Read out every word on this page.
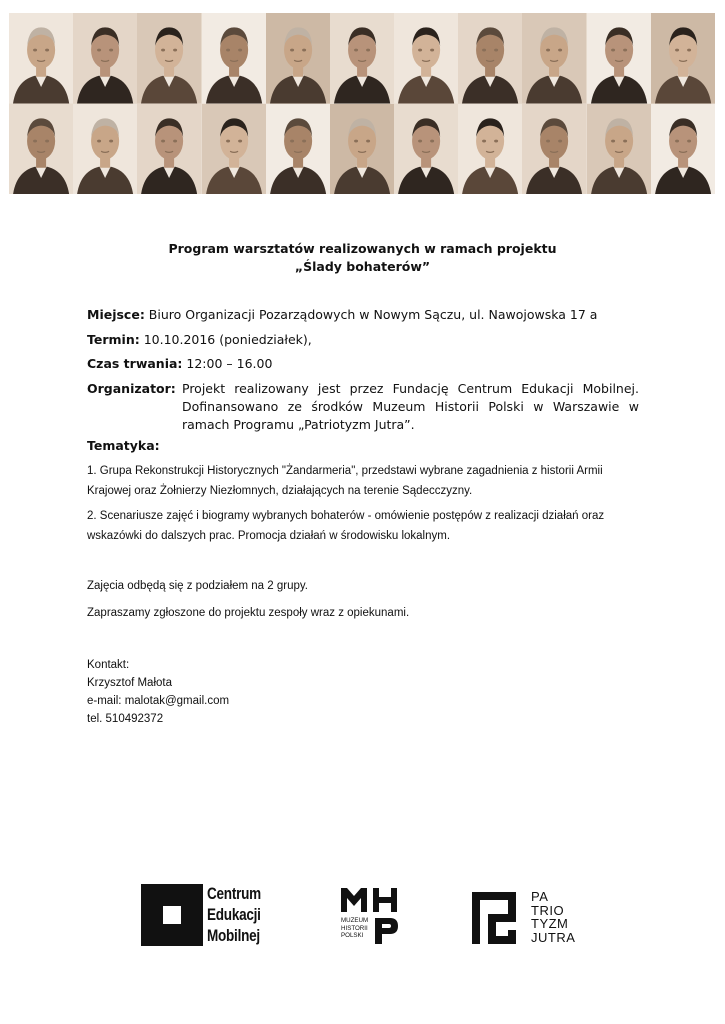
Program warsztatów realizowanych w ramach projektu
„Ślady bohaterów”
Miejsce: Biuro Organizacji Pozarządowych w Nowym Sączu, ul. Nawojowska 17 a
Termin: 10.10.2016 (poniedziałek),
Czas trwania: 12:00 – 16.00
Organizator: Projekt realizowany jest przez Fundację Centrum Edukacji Mobilnej. Dofinansowano ze środków Muzeum Historii Polski w Warszawie w ramach Programu „Patriotyzm Jutra”.
Tematyka:
1. Grupa Rekonstrukcji Historycznych "Żandarmeria", przedstawi wybrane zagadnienia z historii Armii Krajowej oraz Żołnierzy Niezłomnych, działających na terenie Sądecczyzny.
2. Scenariusze zajęć i biogramy wybranych bohaterów - omówienie postępów z realizacji działań oraz wskazówki do dalszych prac. Promocja działań w środowisku lokalnym.
Zajęcia odbędą się z podziałem na 2 grupy.
Zapraszamy zgłoszone do projektu zespoły wraz z opiekunami.
Kontakt:
Krzysztof Małota
e-mail: malotak@gmail.com
tel. 510492372
Centrum
Edukacji
Mobilnej
MUZEUM
HISTORII
POLSKI
PA
TRIO
TYZM
JUTRA
